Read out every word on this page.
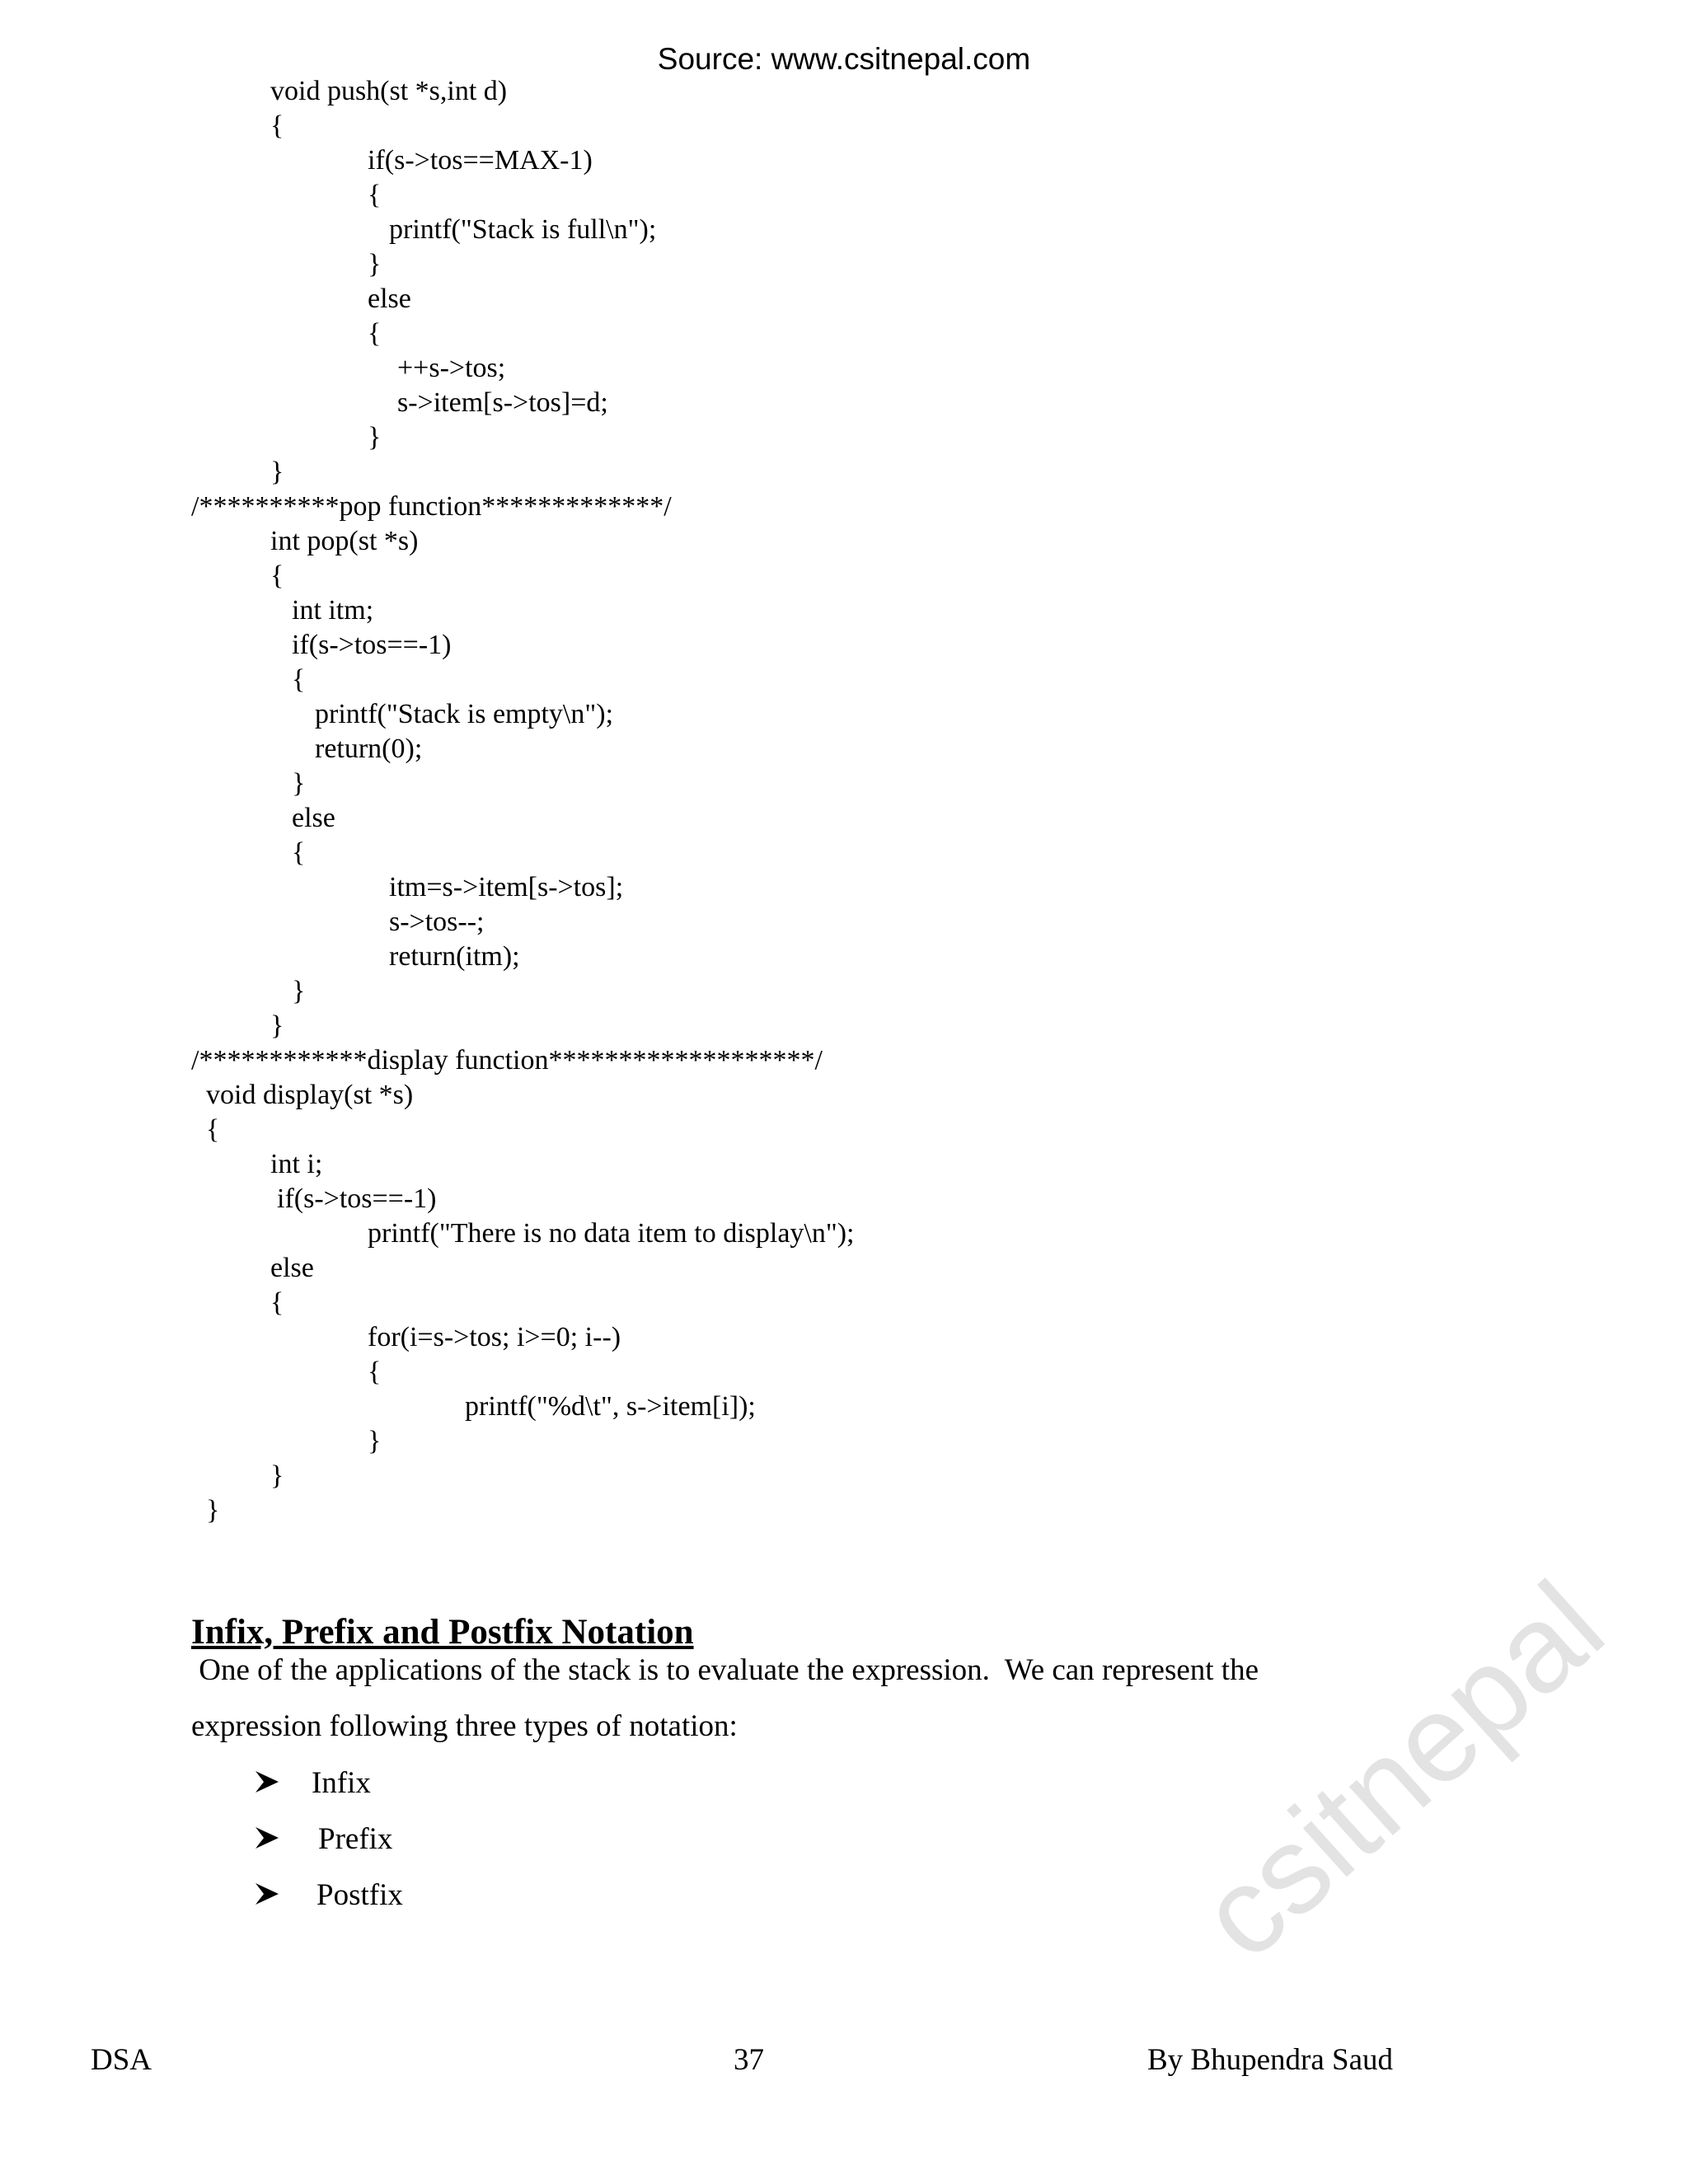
Source: www.csitnepal.com
void push(st *s,int d)
{
if(s->tos==MAX-1)
{
printf("Stack is full\n");
}
else
{
++s->tos;
s->item[s->tos]=d;
}
}
/**********pop function*************/
int pop(st *s)
{
int itm;
if(s->tos==-1)
{
printf("Stack is empty\n");
return(0);
}
else
{
itm=s->item[s->tos];
s->tos--;
return(itm);
}
}
/************display function*******************/
void display(st *s)
{
int i;
if(s->tos==-1)
printf("There is no data item to display\n");
else
{
for(i=s->tos; i>=0; i--)
{
printf("%d\t", s->item[i]);
}
}
}
Infix, Prefix and Postfix Notation
One of the applications of the stack is to evaluate the expression.  We can represent the
expression following three types of notation:
Infix
Prefix
Postfix	csitnepal
DSA	37	By Bhupendra Saud
